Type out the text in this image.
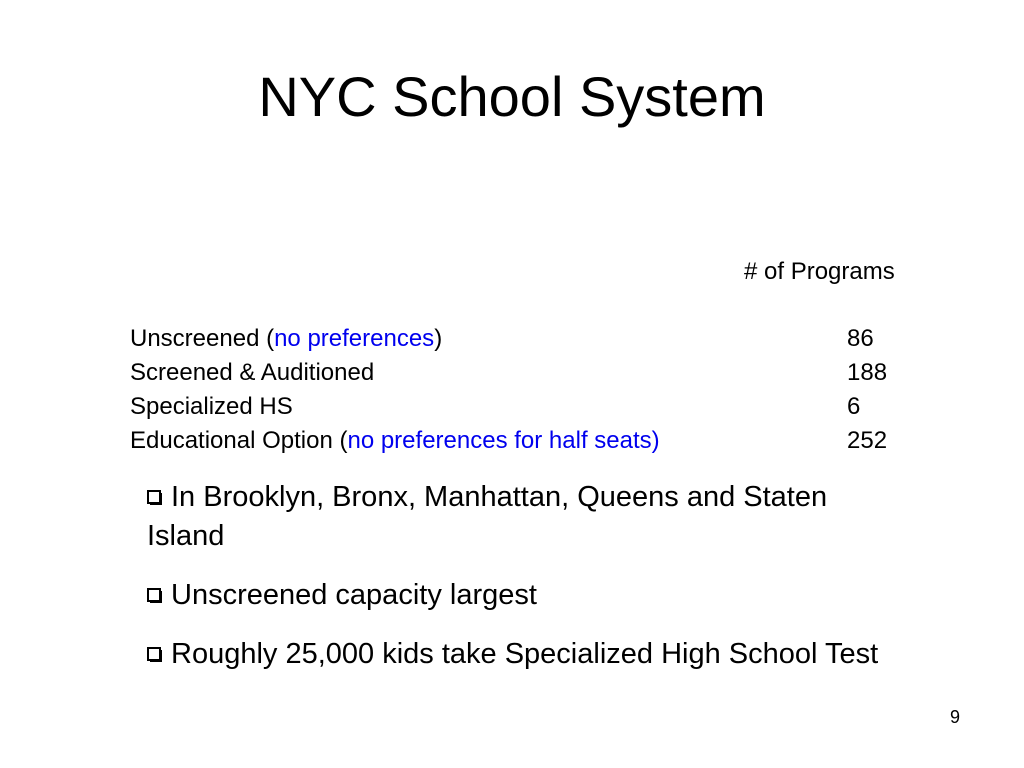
NYC School System
# of Programs
Unscreened (no preferences)	86
Screened & Auditioned	188
Specialized HS	6
Educational Option (no preferences for half seats)	252
In Brooklyn, Bronx, Manhattan, Queens and Staten Island
Unscreened capacity largest
Roughly 25,000 kids take Specialized High School Test
9
